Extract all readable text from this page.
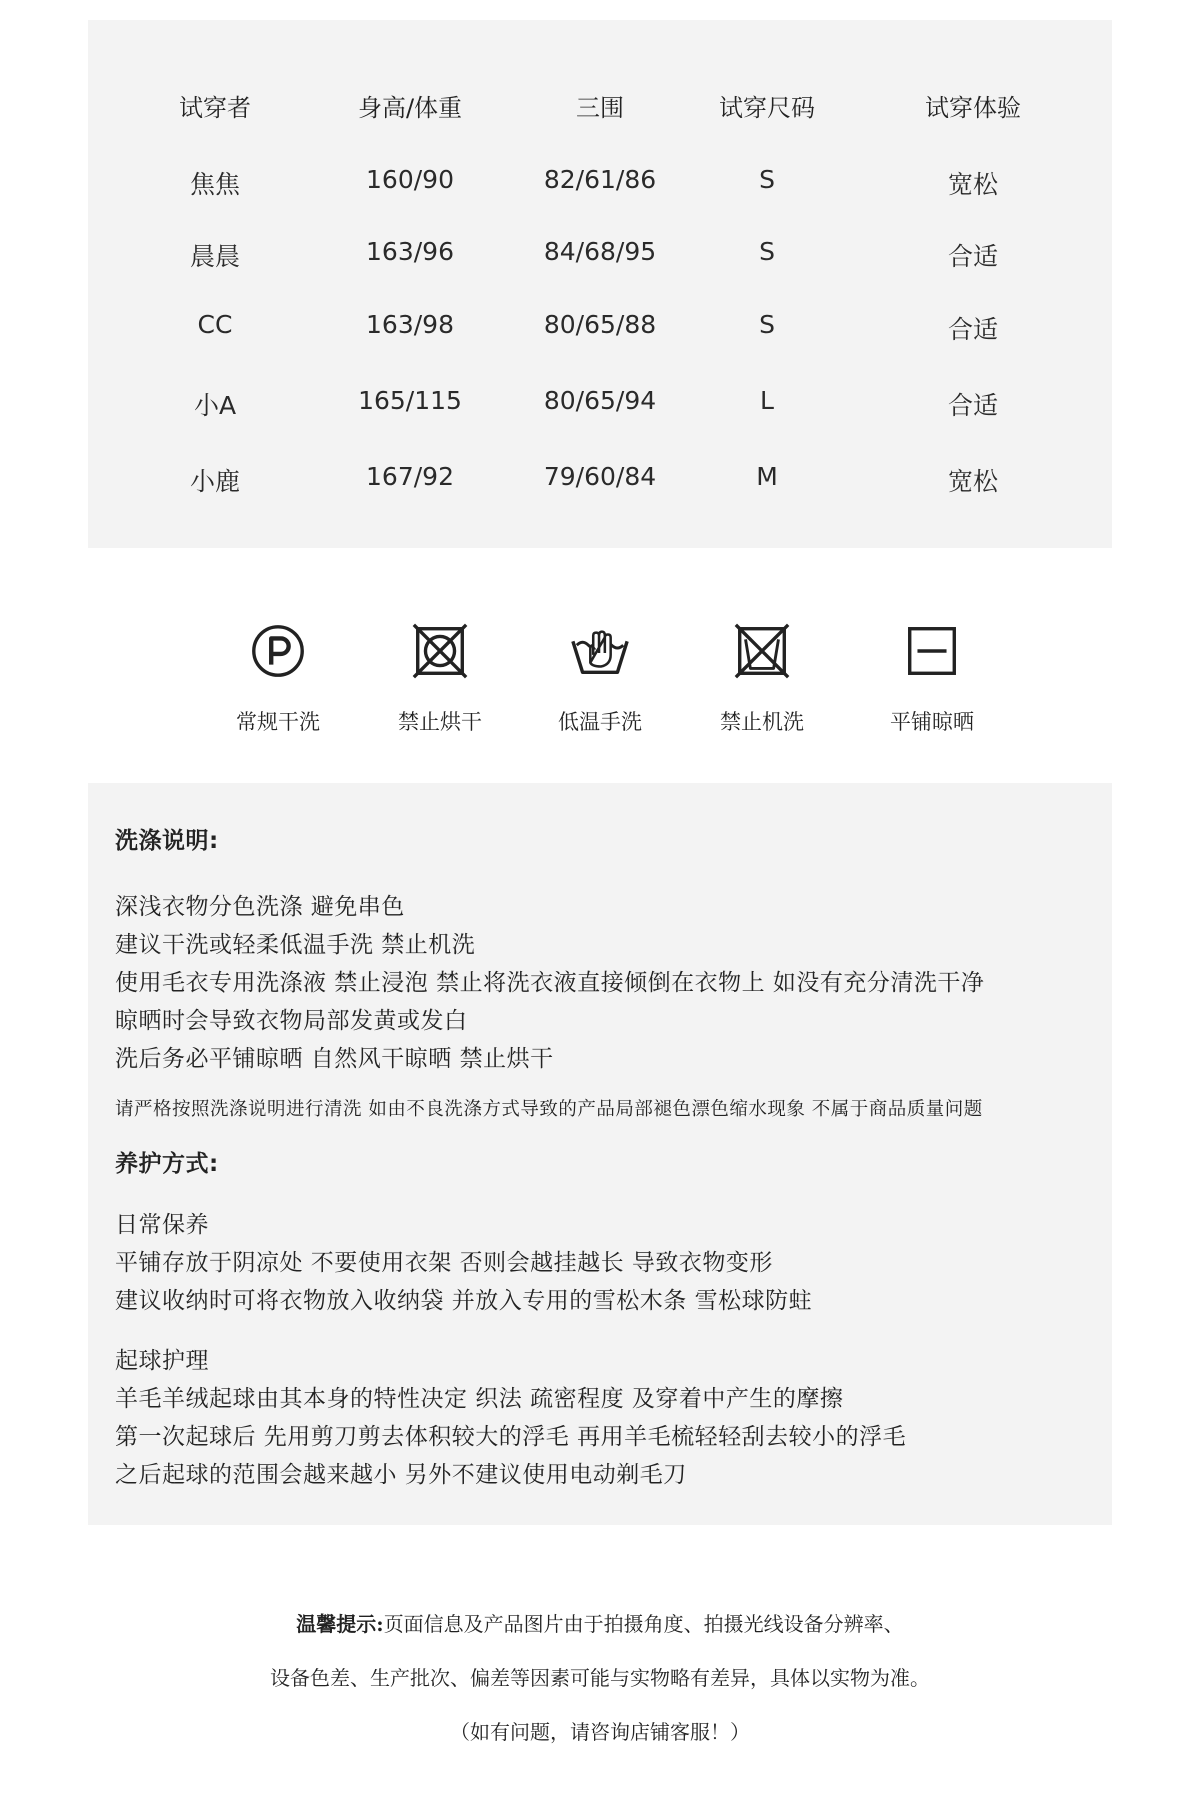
试穿者	身高/体重	三围	试穿尺码	试穿体验
焦焦	160/90	82/61/86	S	宽松
晨晨	163/96	84/68/95	S	合适
CC	163/98	80/65/88	S	合适
小A	165/115	80/65/94	L	合适
小鹿	167/92	79/60/84	M	宽松
常规干洗	禁止烘干	低温手洗	禁止机洗	平铺晾晒
洗涤说明:
深浅衣物分色洗涤 避免串色
建议干洗或轻柔低温手洗 禁止机洗
使用毛衣专用洗涤液 禁止浸泡 禁止将洗衣液直接倾倒在衣物上 如没有充分清洗干净
晾晒时会导致衣物局部发黄或发白
洗后务必平铺晾晒 自然风干晾晒 禁止烘干
请严格按照洗涤说明进行清洗 如由不良洗涤方式导致的产品局部褪色漂色缩水现象 不属于商品质量问题
养护方式:
日常保养
平铺存放于阴凉处 不要使用衣架 否则会越挂越长 导致衣物变形
建议收纳时可将衣物放入收纳袋 并放入专用的雪松木条 雪松球防蛀
起球护理
羊毛羊绒起球由其本身的特性决定 织法 疏密程度 及穿着中产生的摩擦
第一次起球后 先用剪刀剪去体积较大的浮毛 再用羊毛梳轻轻刮去较小的浮毛
之后起球的范围会越来越小 另外不建议使用电动剃毛刀
温馨提示:页面信息及产品图片由于拍摄角度、拍摄光线设备分辨率、
设备色差、生产批次、偏差等因素可能与实物略有差异，具体以实物为准。
（如有问题，请咨询店铺客服！）
